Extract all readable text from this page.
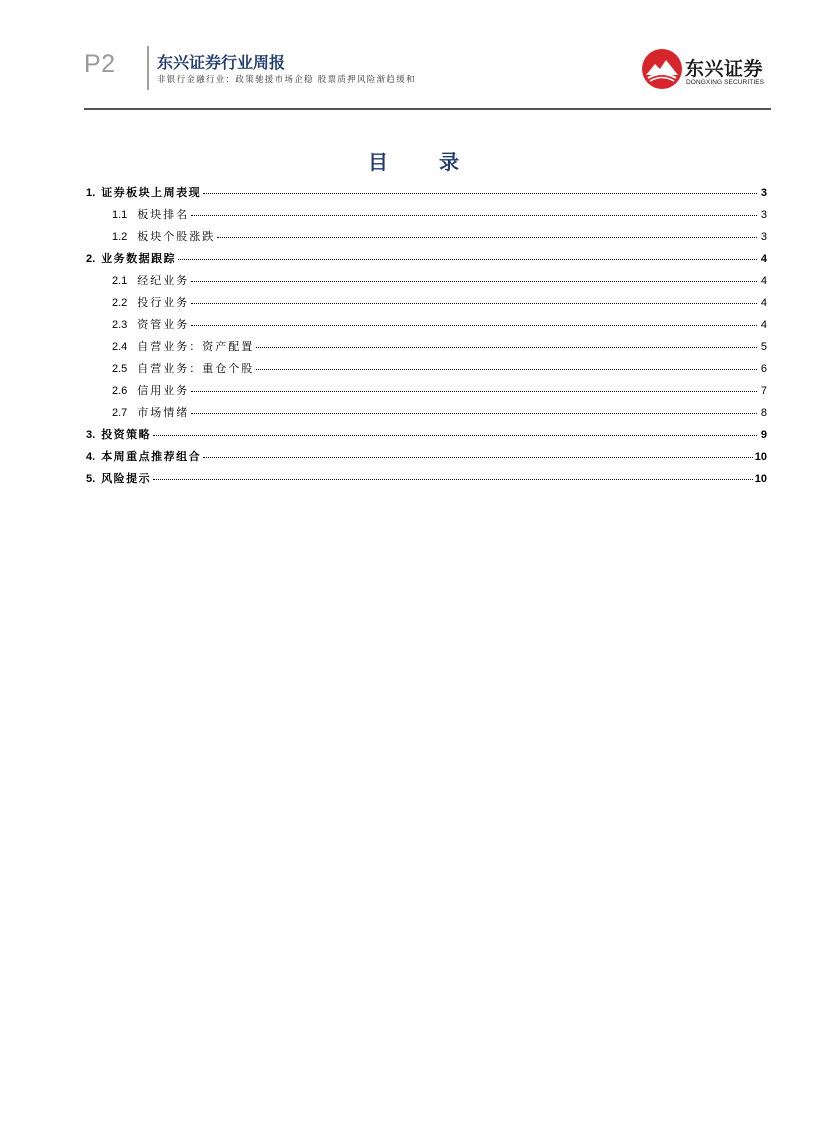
P2	东兴证券行业周报
非银行金融行业：政策驰援市场企稳 股票质押风险渐趋缓和	东兴证券
DONGXING SECURITIES
目 录
1. 证券板块上周表现	3
1.1 板块排名	3
1.2 板块个股涨跌	3
2. 业务数据跟踪	4
2.1 经纪业务	4
2.2 投行业务	4
2.3 资管业务	4
2.4 自营业务：资产配置	5
2.5 自营业务：重仓个股	6
2.6 信用业务	7
2.7 市场情绪	8
3. 投资策略	9
4. 本周重点推荐组合	10
5. 风险提示	10
